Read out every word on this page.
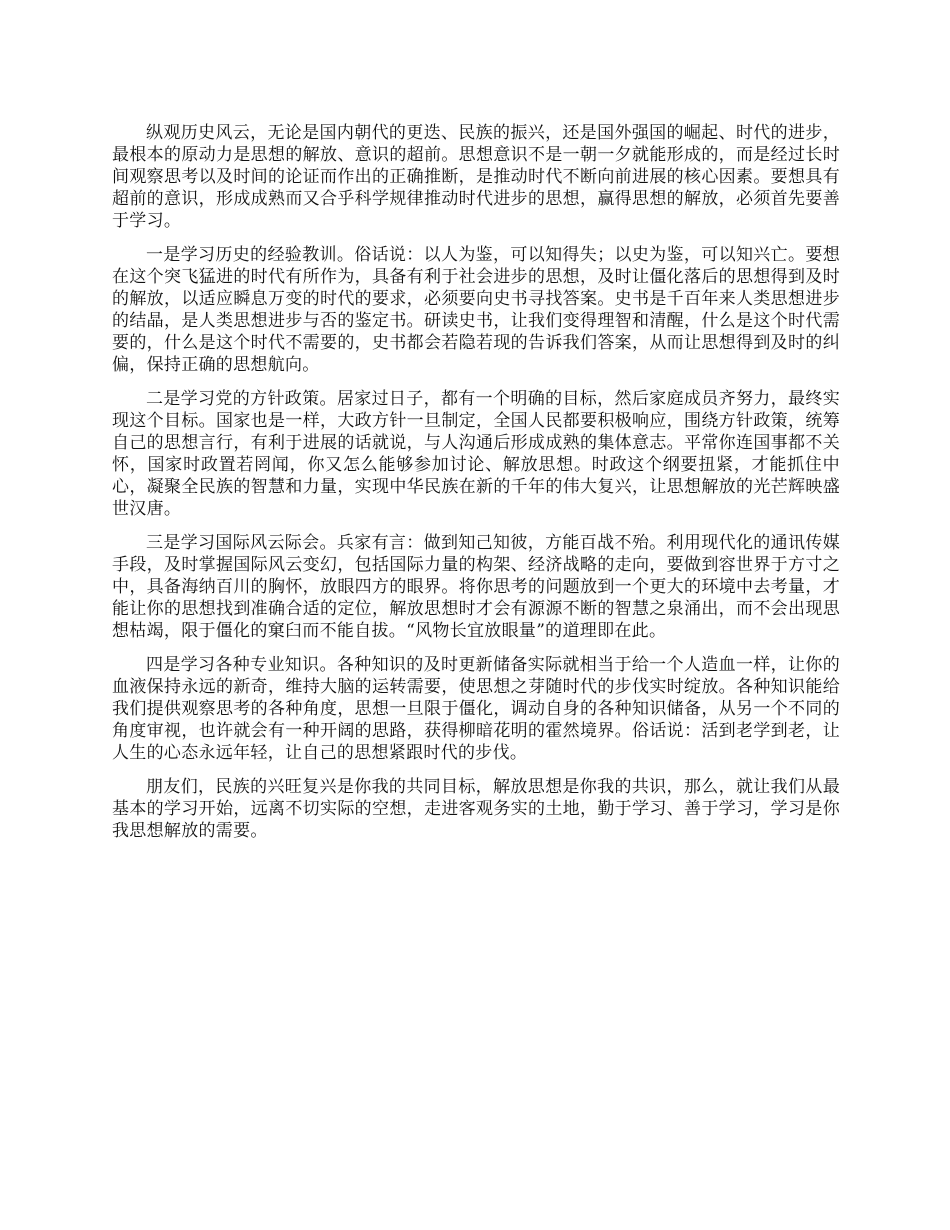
纵观历史风云，无论是国内朝代的更迭、民族的振兴，还是国外强国的崛起、时代的进步，最根本的原动力是思想的解放、意识的超前。思想意识不是一朝一夕就能形成的，而是经过长时间观察思考以及时间的论证而作出的正确推断，是推动时代不断向前进展的核心因素。要想具有超前的意识，形成成熟而又合乎科学规律推动时代进步的思想，赢得思想的解放，必须首先要善于学习。

一是学习历史的经验教训。俗话说：以人为鉴，可以知得失；以史为鉴，可以知兴亡。要想在这个突飞猛进的时代有所作为，具备有利于社会进步的思想，及时让僵化落后的思想得到及时的解放，以适应瞬息万变的时代的要求，必须要向史书寻找答案。史书是千百年来人类思想进步的结晶，是人类思想进步与否的鉴定书。研读史书，让我们变得理智和清醒，什么是这个时代需要的，什么是这个时代不需要的，史书都会若隐若现的告诉我们答案，从而让思想得到及时的纠偏，保持正确的思想航向。

二是学习党的方针政策。居家过日子，都有一个明确的目标，然后家庭成员齐努力，最终实现这个目标。国家也是一样，大政方针一旦制定，全国人民都要积极响应，围绕方针政策，统筹自己的思想言行，有利于进展的话就说，与人沟通后形成成熟的集体意志。平常你连国事都不关怀，国家时政置若罔闻，你又怎么能够参加讨论、解放思想。时政这个纲要扭紧，才能抓住中心，凝聚全民族的智慧和力量，实现中华民族在新的千年的伟大复兴，让思想解放的光芒辉映盛世汉唐。

三是学习国际风云际会。兵家有言：做到知己知彼，方能百战不殆。利用现代化的通讯传媒手段，及时掌握国际风云变幻，包括国际力量的构架、经济战略的走向，要做到容世界于方寸之中，具备海纳百川的胸怀，放眼四方的眼界。将你思考的问题放到一个更大的环境中去考量，才能让你的思想找到准确合适的定位，解放思想时才会有源源不断的智慧之泉涌出，而不会出现思想枯竭，限于僵化的窠臼而不能自拔。“风物长宜放眼量”的道理即在此。

四是学习各种专业知识。各种知识的及时更新储备实际就相当于给一个人造血一样，让你的血液保持永远的新奇，维持大脑的运转需要，使思想之芽随时代的步伐实时绽放。各种知识能给我们提供观察思考的各种角度，思想一旦限于僵化，调动自身的各种知识储备，从另一个不同的角度审视，也许就会有一种开阔的思路，获得柳暗花明的霍然境界。俗话说：活到老学到老，让人生的心态永远年轻，让自己的思想紧跟时代的步伐。

朋友们，民族的兴旺复兴是你我的共同目标，解放思想是你我的共识，那么，就让我们从最基本的学习开始，远离不切实际的空想，走进客观务实的土地，勤于学习、善于学习，学习是你我思想解放的需要。
